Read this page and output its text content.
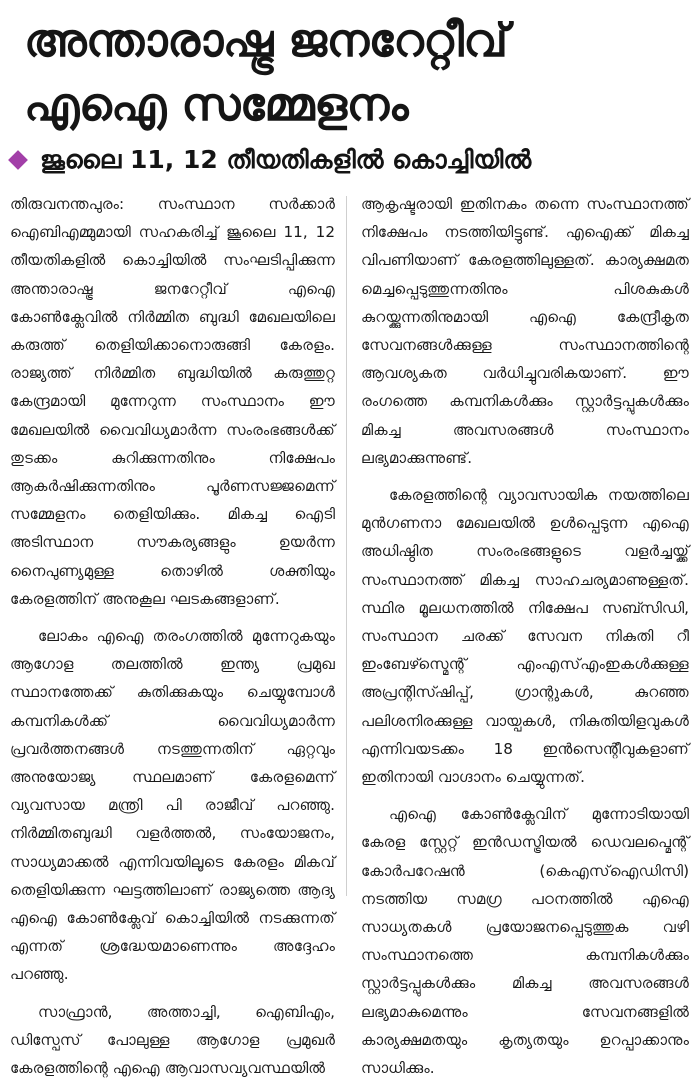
അന്താരാഷ്ട്ര ജനറേറ്റീവ്
എഐ സമ്മേളനം
ജൂലൈ 11, 12 തീയതികളിൽ കൊച്ചിയിൽ

തിരുവനന്തപുരം: സംസ്ഥാന സർക്കാർ ഐബിഎമ്മുമായി സഹകരിച്ച് ജൂലൈ 11, 12 തീയതികളിൽ കൊച്ചിയിൽ സംഘടിപ്പിക്കുന്ന അന്താരാഷ്ട്ര ജനറേറ്റീവ് എഐ കോൺക്ലേവിൽ നിർമ്മിത ബുദ്ധി മേഖലയിലെ കരുത്ത് തെളിയിക്കാനൊരുങ്ങി കേരളം. രാജ്യത്ത് നിർമ്മിത ബുദ്ധിയിൽ കരുത്തുറ്റ കേന്ദ്രമായി മുന്നേറുന്ന സംസ്ഥാനം ഈ മേഖലയിൽ വൈവിധ്യമാർന്ന സംരംഭങ്ങൾക്ക് തുടക്കം കുറിക്കുന്നതിനും നിക്ഷേപം ആകർഷിക്കുന്നതിനും പൂർണസജ്ജമെന്ന് സമ്മേളനം തെളിയിക്കും. മികച്ച ഐടി അടിസ്ഥാന സൗകര്യങ്ങളും ഉയർന്ന നൈപുണ്യമുള്ള തൊഴിൽ ശക്തിയും കേരളത്തിന് അനുകൂല ഘടകങ്ങളാണ്.

ലോകം എഐ തരംഗത്തിൽ മുന്നേറുകയും ആഗോള തലത്തിൽ ഇന്ത്യ പ്രമുഖ സ്ഥാനത്തേക്ക് കുതിക്കുകയും ചെയ്യുമ്പോൾ കമ്പനികൾക്ക് വൈവിധ്യമാർന്ന പ്രവർത്തനങ്ങൾ നടത്തുന്നതിന് ഏറ്റവും അനുയോജ്യ സ്ഥലമാണ് കേരളമെന്ന് വ്യവസായ മന്ത്രി പി രാജീവ് പറഞ്ഞു. നിർമ്മിതബുദ്ധി വളർത്തൽ, സംയോജനം, സാധ്യമാക്കൽ എന്നിവയിലൂടെ കേരളം മികവ് തെളിയിക്കുന്ന ഘട്ടത്തിലാണ് രാജ്യത്തെ ആദ്യ എഐ കോൺക്ലേവ് കൊച്ചിയിൽ നടക്കുന്നത് എന്നത് ശ്രദ്ധേയമാണെന്നും അദ്ദേഹം പറഞ്ഞു.

സാഫ്രാൻ, അത്താച്ചി, ഐബിഎം, ഡിസ്പേസ് പോലുള്ള ആഗോള പ്രമുഖർ കേരളത്തിന്റെ എഐ ആവാസവ്യവസ്ഥയിൽ

ആകൃഷ്ടരായി ഇതിനകം തന്നെ സംസ്ഥാനത്ത് നിക്ഷേപം നടത്തിയിട്ടുണ്ട്. എഐക്ക് മികച്ച വിപണിയാണ് കേരളത്തിലുള്ളത്. കാര്യക്ഷമത മെച്ചപ്പെടുത്തുന്നതിനും പിശകുകൾ കുറയ്ക്കുന്നതിനുമായി എഐ കേന്ദ്രീകൃത സേവനങ്ങൾക്കുള്ള സംസ്ഥാനത്തിന്റെ ആവശ്യകത വർധിച്ചുവരികയാണ്. ഈ രംഗത്തെ കമ്പനികൾക്കും സ്റ്റാർട്ടപ്പുകൾക്കും മികച്ച അവസരങ്ങൾ സംസ്ഥാനം ലഭ്യമാക്കുന്നുണ്ട്.

കേരളത്തിന്റെ വ്യാവസായിക നയത്തിലെ മുൻഗണനാ മേഖലയിൽ ഉൾപ്പെടുന്ന എഐ അധിഷ്ഠിത സംരംഭങ്ങളുടെ വളർച്ചയ്ക്ക് സംസ്ഥാനത്ത് മികച്ച സാഹചര്യമാണുള്ളത്. സ്ഥിര മൂലധനത്തിൽ നിക്ഷേപ സബ്സിഡി, സംസ്ഥാന ചരക്ക് സേവന നികുതി റീ ഇംബേഴ്സ്മെന്റ് എംഎസ്എംഇകൾക്കുള്ള അപ്രന്റിസ്ഷിപ്പ്, ഗ്രാന്റുകൾ, കുറഞ്ഞ പലിശനിരക്കുള്ള വായ്പകൾ, നികുതിയിളവുകൾ എന്നിവയടക്കം 18 ഇൻസെന്റീവുകളാണ് ഇതിനായി വാഗ്ദാനം ചെയ്യുന്നത്.

എഐ കോൺക്ലേവിന് മുന്നോടിയായി കേരള സ്റ്റേറ്റ് ഇൻഡസ്ട്രിയൽ ഡെവലപ്മെന്റ് കോർപറേഷൻ (കെഎസ്ഐഡിസി) നടത്തിയ സമഗ്ര പഠനത്തിൽ എഐ സാധ്യതകൾ പ്രയോജനപ്പെടുത്തുക വഴി സംസ്ഥാനത്തെ കമ്പനികൾക്കും സ്റ്റാർട്ടപ്പുകൾക്കും മികച്ച അവസരങ്ങൾ ലഭ്യമാകുമെന്നും സേവനങ്ങളിൽ കാര്യക്ഷമതയും കൃത്യതയും ഉറപ്പാക്കാനും സാധിക്കും.
